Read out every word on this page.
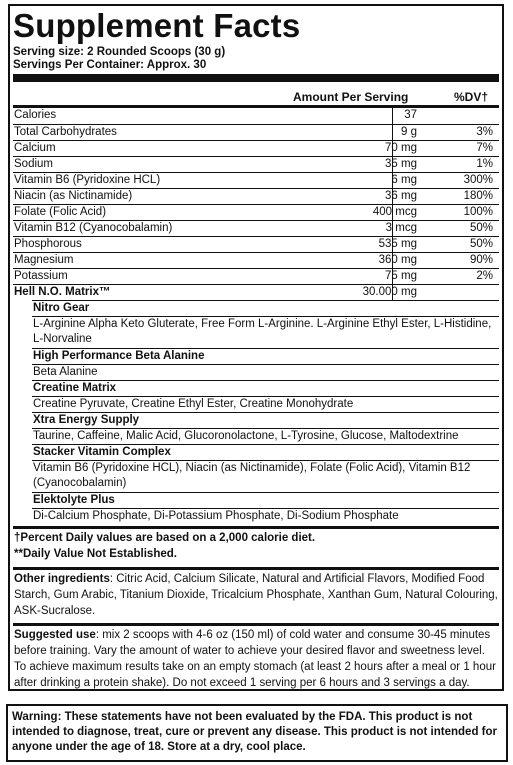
Supplement Facts
Serving size: 2 Rounded Scoops (30 g)
Servings Per Container: Approx. 30
Amount Per Serving	%DV†
Calories	37
Total Carbohydrates	9 g	3%
Calcium	70 mg	7%
Sodium	35 mg	1%
Vitamin B6 (Pyridoxine HCL)	6 mg	300%
Niacin (as Nictinamide)	36 mg	180%
Folate (Folic Acid)	400 mcg	100%
Vitamin B12 (Cyanocobalamin)	3 mcg	50%
Phosphorous	535 mg	50%
Magnesium	360 mg	90%
Potassium	75 mg	2%
Hell N.O. Matrix™	30.000 mg
Nitro Gear
L-Arginine Alpha Keto Gluterate, Free Form L-Arginine. L-Arginine Ethyl Ester, L-Histidine, L-Norvaline
High Performance Beta Alanine
Beta Alanine
Creatine Matrix
Creatine Pyruvate, Creatine Ethyl Ester, Creatine Monohydrate
Xtra Energy Supply
Taurine, Caffeine, Malic Acid, Glucoronolactone, L-Tyrosine, Glucose, Maltodextrine
Stacker Vitamin Complex
Vitamin B6 (Pyridoxine HCL), Niacin (as Nictinamide), Folate (Folic Acid), Vitamin B12 (Cyanocobalamin)
Elektolyte Plus
Di-Calcium Phosphate, Di-Potassium Phosphate, Di-Sodium Phosphate
†Percent Daily values are based on a 2,000 calorie diet.
**Daily Value Not Established.
Other ingredients: Citric Acid, Calcium Silicate, Natural and Artificial Flavors, Modified Food Starch, Gum Arabic, Titanium Dioxide, Tricalcium Phosphate, Xanthan Gum, Natural Colouring, ASK-Sucralose.
Suggested use: mix 2 scoops with 4-6 oz (150 ml) of cold water and consume 30-45 minutes before training. Vary the amount of water to achieve your desired flavor and sweetness level. To achieve maximum results take on an empty stomach (at least 2 hours after a meal or 1 hour after drinking a protein shake). Do not exceed 1 serving per 6 hours and 3 servings a day.
Warning: These statements have not been evaluated by the FDA. This product is not intended to diagnose, treat, cure or prevent any disease. This product is not intended for anyone under the age of 18. Store at a dry, cool place.
